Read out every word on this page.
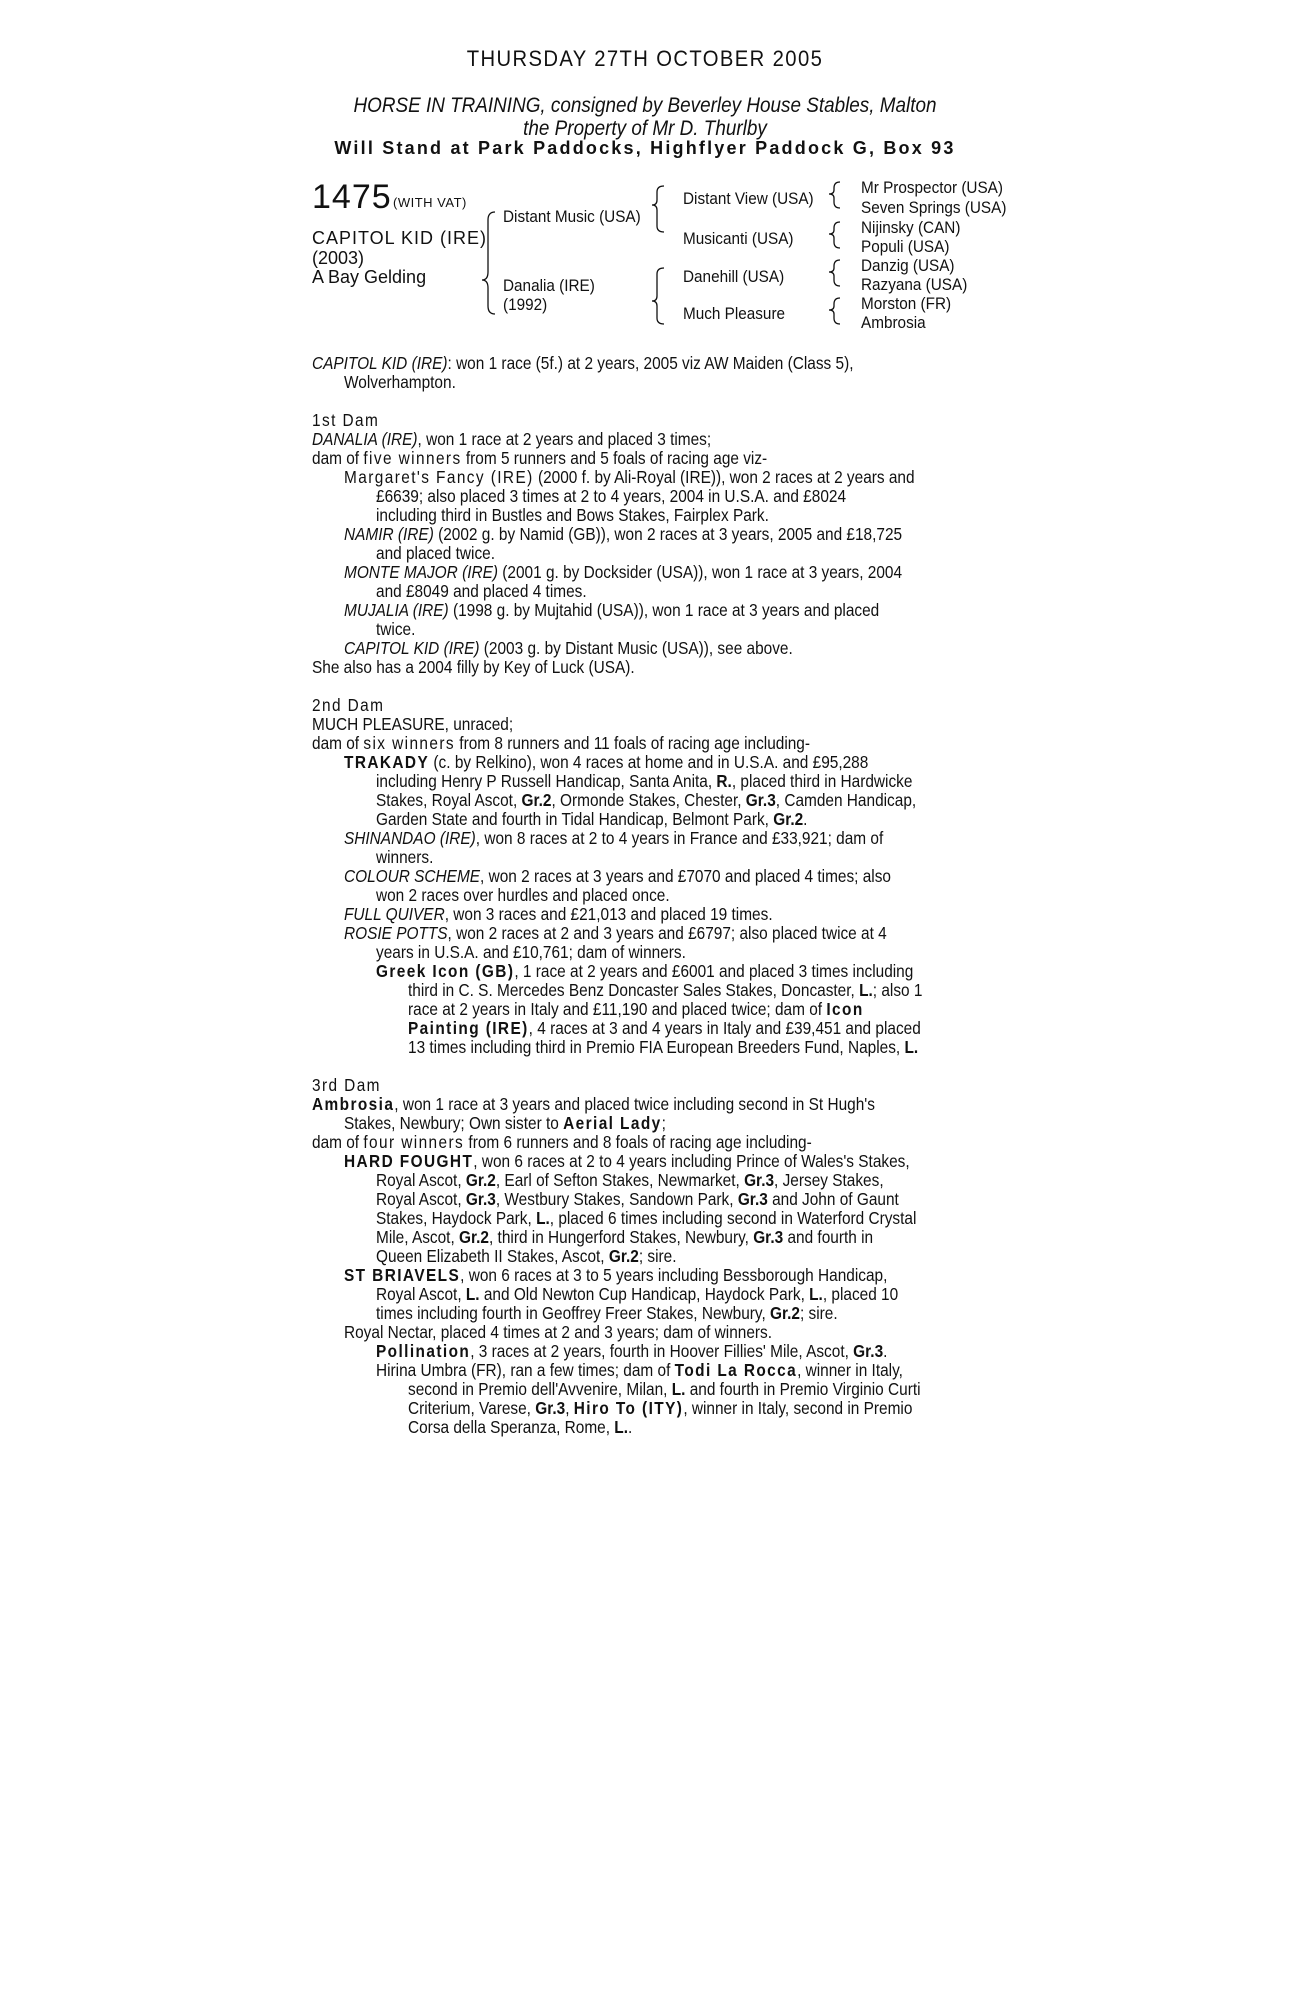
THURSDAY 27TH OCTOBER 2005
HORSE IN TRAINING, consigned by Beverley House Stables, Malton
the Property of Mr D. Thurlby
Will Stand at Park Paddocks, Highflyer Paddock G, Box 93
1475 (WITH VAT)
CAPITOL KID (IRE)
(2003)
A Bay Gelding
Distant Music (USA)
Danalia (IRE)
(1992)
Distant View (USA)
Musicanti (USA)
Danehill (USA)
Much Pleasure
Mr Prospector (USA)
Seven Springs (USA)
Nijinsky (CAN)
Populi (USA)
Danzig (USA)
Razyana (USA)
Morston (FR)
Ambrosia
CAPITOL KID (IRE): won 1 race (5f.) at 2 years, 2005 viz AW Maiden (Class 5),
Wolverhampton.
1st Dam
DANALIA (IRE), won 1 race at 2 years and placed 3 times;
dam of five winners from 5 runners and 5 foals of racing age viz-
Margaret's Fancy (IRE) (2000 f. by Ali-Royal (IRE)), won 2 races at 2 years and
£6639; also placed 3 times at 2 to 4 years, 2004 in U.S.A. and £8024
including third in Bustles and Bows Stakes, Fairplex Park.
NAMIR (IRE) (2002 g. by Namid (GB)), won 2 races at 3 years, 2005 and £18,725
and placed twice.
MONTE MAJOR (IRE) (2001 g. by Docksider (USA)), won 1 race at 3 years, 2004
and £8049 and placed 4 times.
MUJALIA (IRE) (1998 g. by Mujtahid (USA)), won 1 race at 3 years and placed
twice.
CAPITOL KID (IRE) (2003 g. by Distant Music (USA)), see above.
She also has a 2004 filly by Key of Luck (USA).
2nd Dam
MUCH PLEASURE, unraced;
dam of six winners from 8 runners and 11 foals of racing age including-
TRAKADY (c. by Relkino), won 4 races at home and in U.S.A. and £95,288
including Henry P Russell Handicap, Santa Anita, R., placed third in Hardwicke
Stakes, Royal Ascot, Gr.2, Ormonde Stakes, Chester, Gr.3, Camden Handicap,
Garden State and fourth in Tidal Handicap, Belmont Park, Gr.2.
SHINANDAO (IRE), won 8 races at 2 to 4 years in France and £33,921; dam of
winners.
COLOUR SCHEME, won 2 races at 3 years and £7070 and placed 4 times; also
won 2 races over hurdles and placed once.
FULL QUIVER, won 3 races and £21,013 and placed 19 times.
ROSIE POTTS, won 2 races at 2 and 3 years and £6797; also placed twice at 4
years in U.S.A. and £10,761; dam of winners.
Greek Icon (GB), 1 race at 2 years and £6001 and placed 3 times including
third in C. S. Mercedes Benz Doncaster Sales Stakes, Doncaster, L.; also 1
race at 2 years in Italy and £11,190 and placed twice; dam of Icon
Painting (IRE), 4 races at 3 and 4 years in Italy and £39,451 and placed
13 times including third in Premio FIA European Breeders Fund, Naples, L.
3rd Dam
Ambrosia, won 1 race at 3 years and placed twice including second in St Hugh's
Stakes, Newbury; Own sister to Aerial Lady;
dam of four winners from 6 runners and 8 foals of racing age including-
HARD FOUGHT, won 6 races at 2 to 4 years including Prince of Wales's Stakes,
Royal Ascot, Gr.2, Earl of Sefton Stakes, Newmarket, Gr.3, Jersey Stakes,
Royal Ascot, Gr.3, Westbury Stakes, Sandown Park, Gr.3 and John of Gaunt
Stakes, Haydock Park, L., placed 6 times including second in Waterford Crystal
Mile, Ascot, Gr.2, third in Hungerford Stakes, Newbury, Gr.3 and fourth in
Queen Elizabeth II Stakes, Ascot, Gr.2; sire.
ST BRIAVELS, won 6 races at 3 to 5 years including Bessborough Handicap,
Royal Ascot, L. and Old Newton Cup Handicap, Haydock Park, L., placed 10
times including fourth in Geoffrey Freer Stakes, Newbury, Gr.2; sire.
Royal Nectar, placed 4 times at 2 and 3 years; dam of winners.
Pollination, 3 races at 2 years, fourth in Hoover Fillies' Mile, Ascot, Gr.3.
Hirina Umbra (FR), ran a few times; dam of Todi La Rocca, winner in Italy,
second in Premio dell'Avvenire, Milan, L. and fourth in Premio Virginio Curti
Criterium, Varese, Gr.3, Hiro To (ITY), winner in Italy, second in Premio
Corsa della Speranza, Rome, L..
